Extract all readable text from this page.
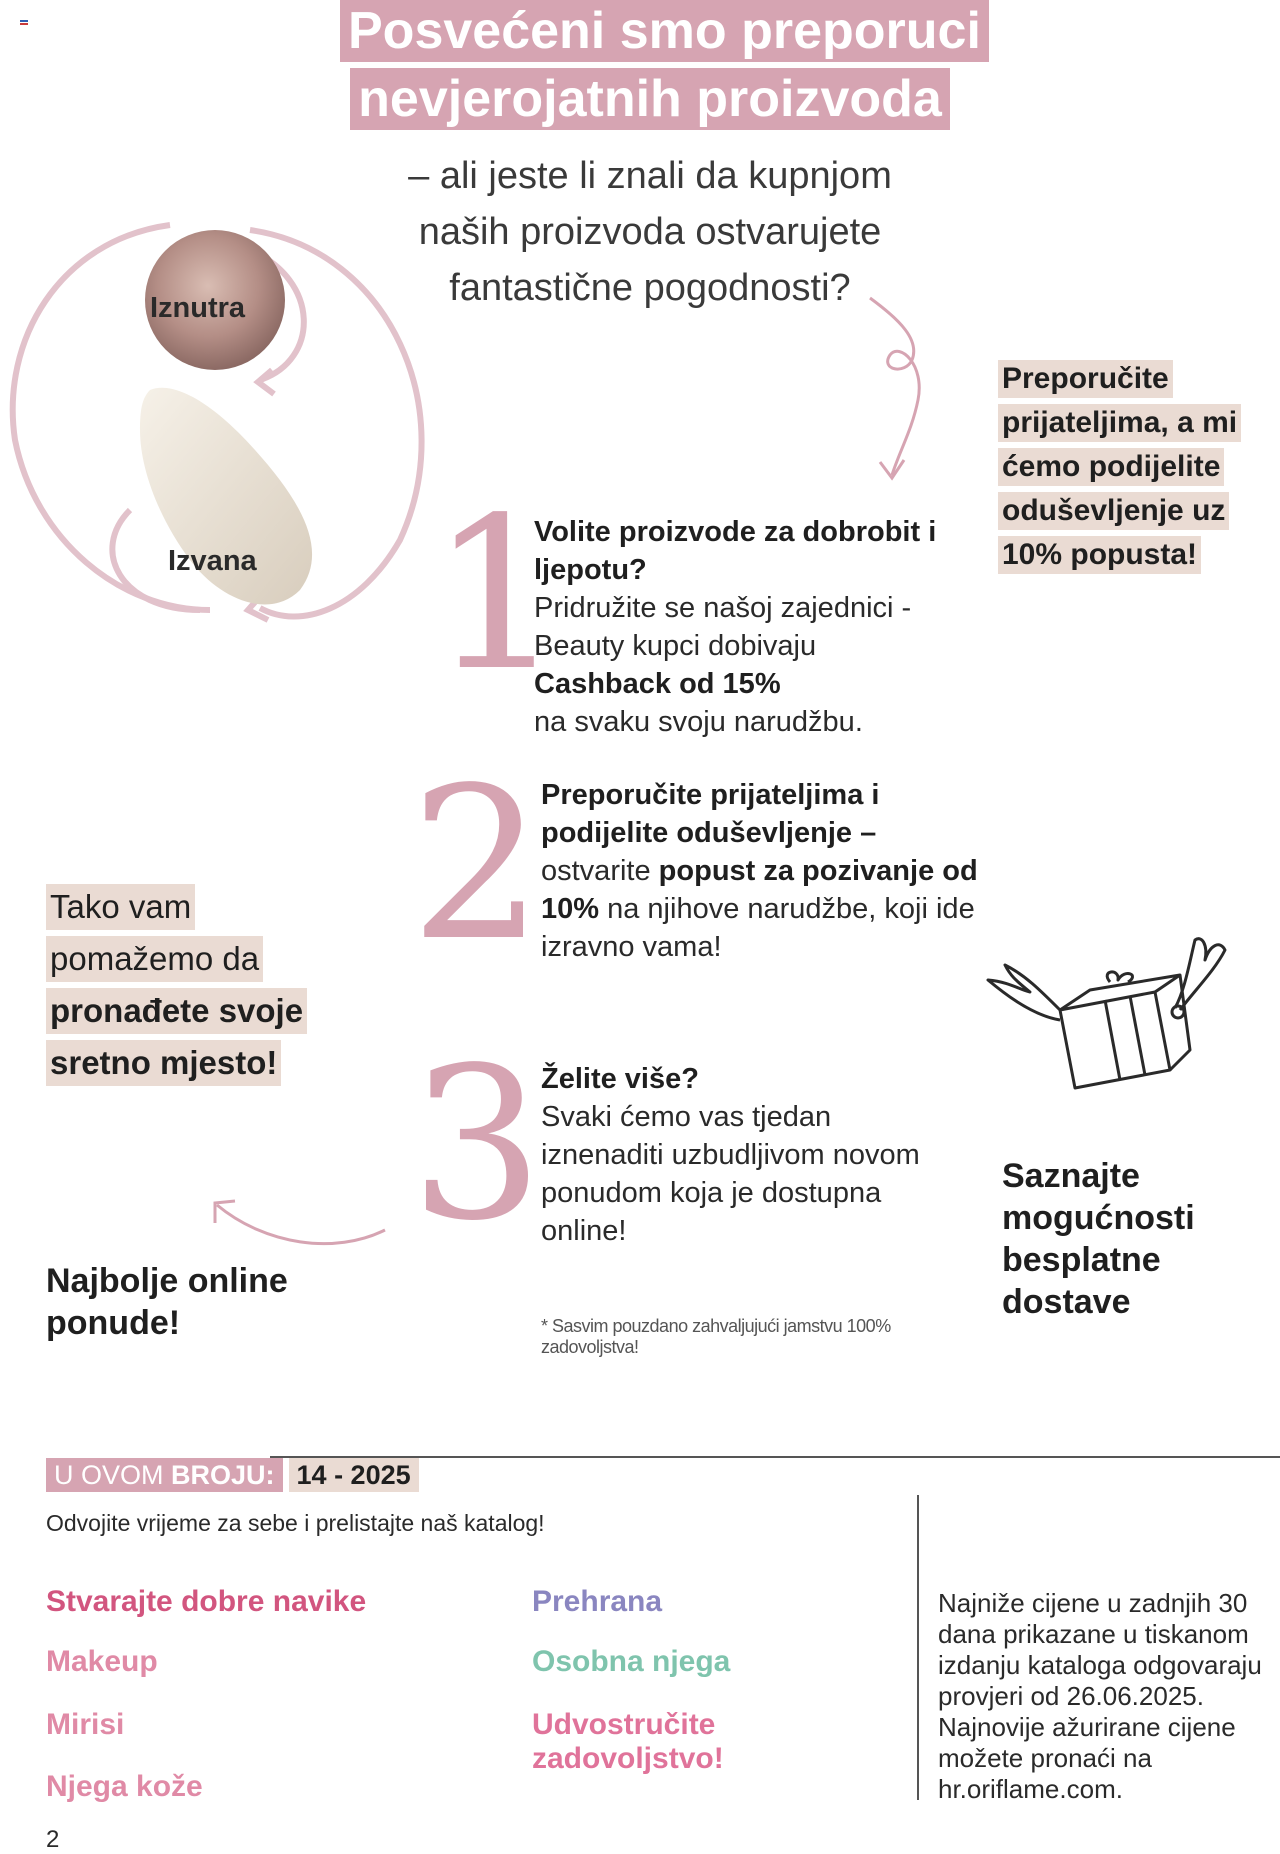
Posvećeni smo preporuci
nevjerojatnih proizvoda
– ali jeste li znali da kupnjom naših proizvoda ostvarujete fantastične pogodnosti?
Iznutra
Izvana
Preporučite
prijateljima, a mi
ćemo podijelite
oduševljenje uz
10% popusta!
1
2
3
Volite proizvode za dobrobit i ljepotu?
Pridružite se našoj zajednici - Beauty kupci dobivaju
Cashback od 15%
na svaku svoju narudžbu.
Preporučite prijateljima i podijelite oduševljenje –
ostvarite popust za pozivanje od 10% na njihove narudžbe, koji ide izravno vama!
Želite više?
Svaki ćemo vas tjedan iznenaditi uzbudljivom novom ponudom koja je dostupna online!
* Sasvim pouzdano zahvaljujući jamstvu 100% zadovoljstva!
Tako vam
pomažemo da
pronađete svoje
sretno mjesto!
Najbolje online ponude!
Saznajte mogućnosti besplatne dostave
U OVOM BROJU: 14 - 2025
Odvojite vrijeme za sebe i prelistajte naš katalog!
Stvarajte dobre navike
Makeup
Mirisi
Njega kože
Prehrana
Osobna njega
Udvostručite zadovoljstvo!
Najniže cijene u zadnjih 30 dana prikazane u tiskanom izdanju kataloga odgovaraju provjeri od 26.06.2025. Najnovije ažurirane cijene možete pronaći na hr.oriflame.com.
2
